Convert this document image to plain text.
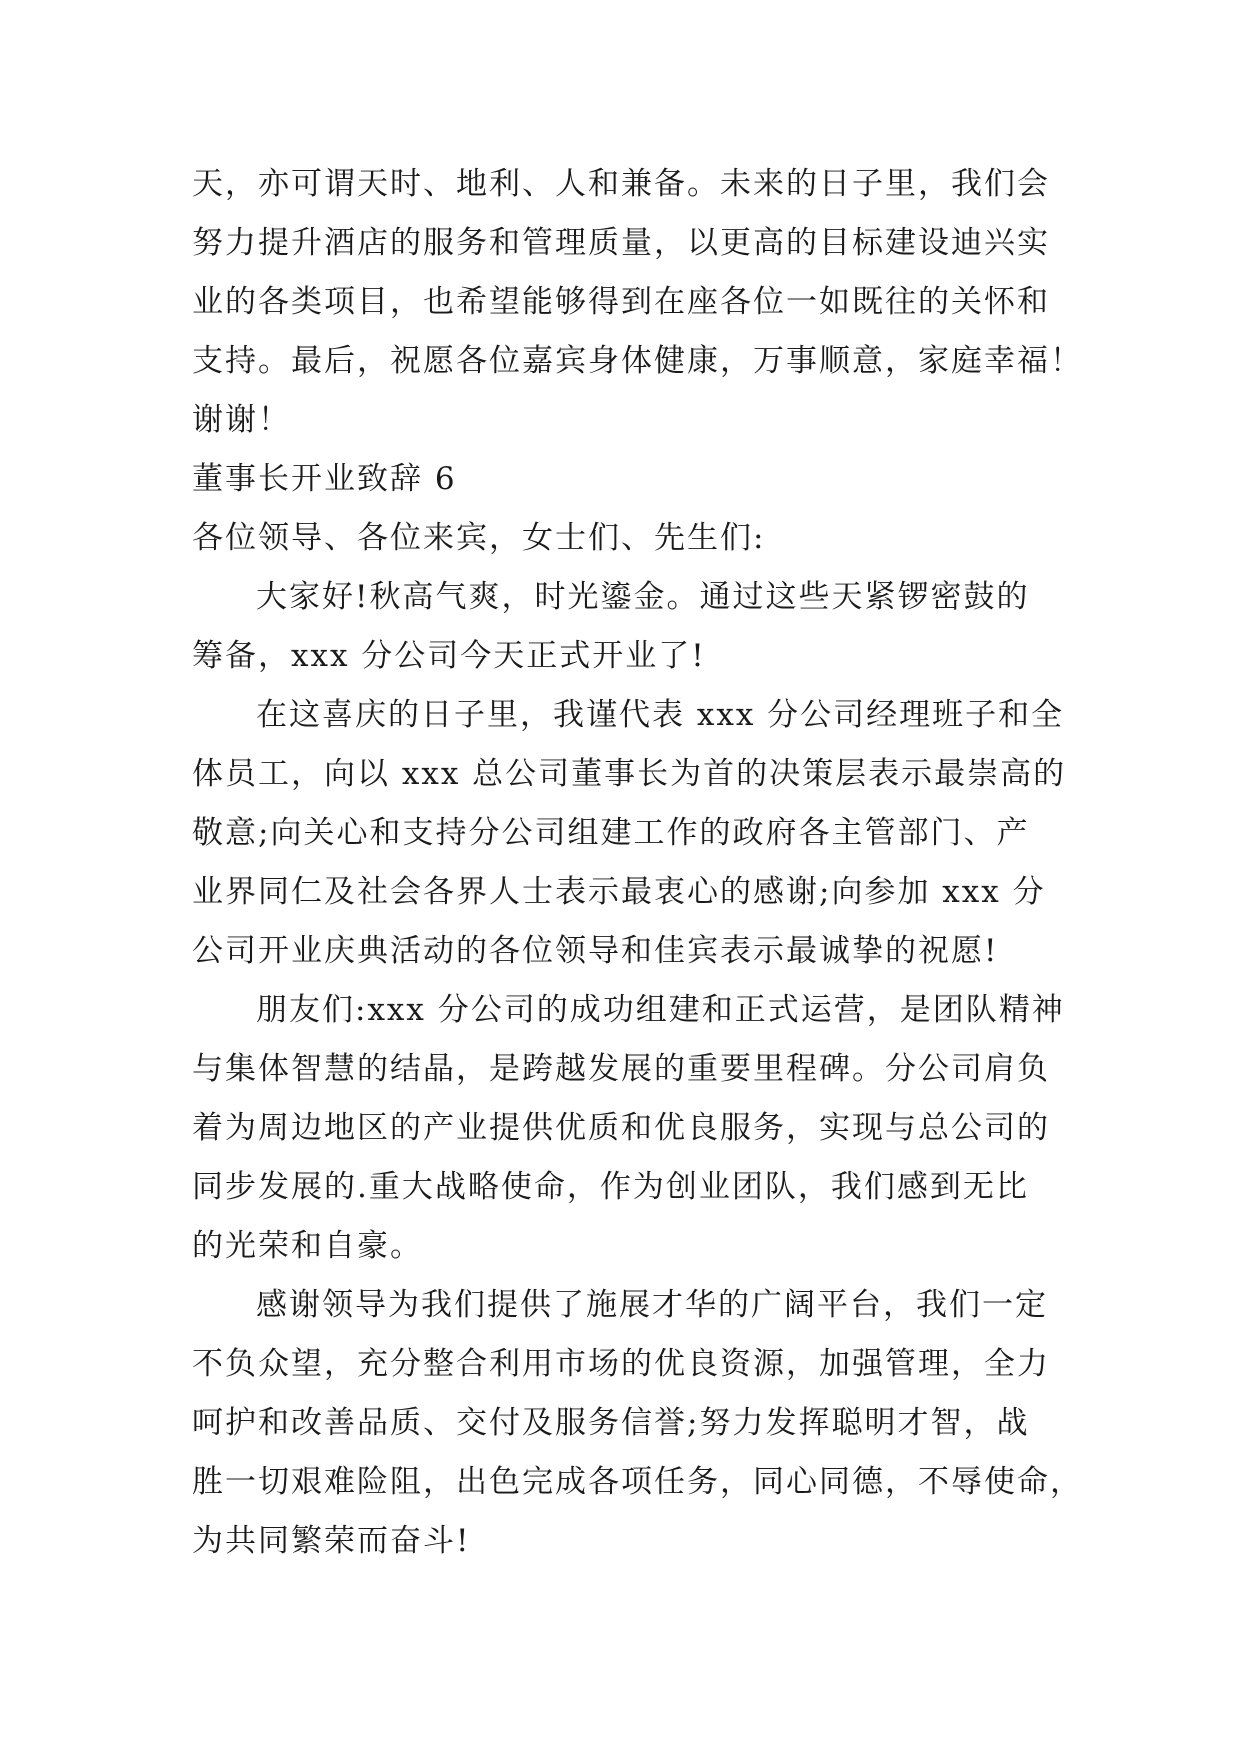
天，亦可谓天时、地利、人和兼备。未来的日子里，我们会
努力提升酒店的服务和管理质量，以更高的目标建设迪兴实
业的各类项目，也希望能够得到在座各位一如既往的关怀和
支持。最后，祝愿各位嘉宾身体健康，万事顺意，家庭幸福！
谢谢！
董事长开业致辞 6
各位领导、各位来宾，女士们、先生们:
大家好!秋高气爽，时光鎏金。通过这些天紧锣密鼓的
筹备，xxx 分公司今天正式开业了!
在这喜庆的日子里，我谨代表 xxx 分公司经理班子和全
体员工，向以 xxx 总公司董事长为首的决策层表示最崇高的
敬意;向关心和支持分公司组建工作的政府各主管部门、产
业界同仁及社会各界人士表示最衷心的感谢;向参加 xxx 分
公司开业庆典活动的各位领导和佳宾表示最诚挚的祝愿!
朋友们:xxx 分公司的成功组建和正式运营，是团队精神
与集体智慧的结晶，是跨越发展的重要里程碑。分公司肩负
着为周边地区的产业提供优质和优良服务，实现与总公司的
同步发展的.重大战略使命，作为创业团队，我们感到无比
的光荣和自豪。
感谢领导为我们提供了施展才华的广阔平台，我们一定
不负众望，充分整合利用市场的优良资源，加强管理，全力
呵护和改善品质、交付及服务信誉;努力发挥聪明才智，战
胜一切艰难险阻，出色完成各项任务，同心同德，不辱使命，
为共同繁荣而奋斗!
